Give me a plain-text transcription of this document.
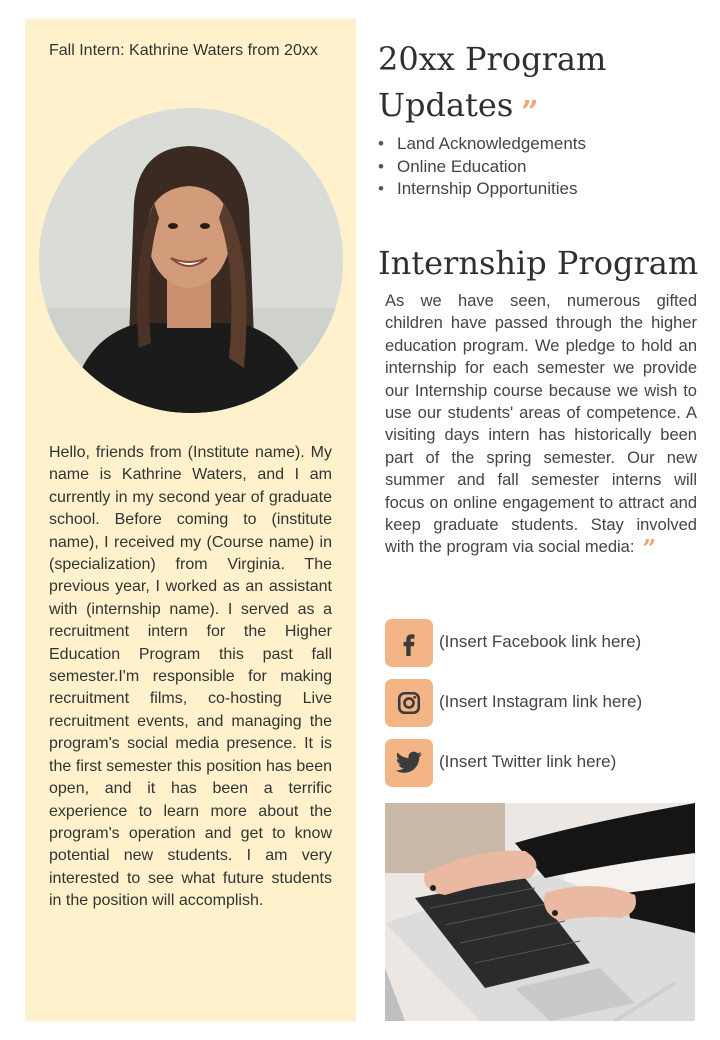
Fall Intern: Kathrine Waters from 20xx

Hello, friends from (Institute name). My name is Kathrine Waters, and I am currently in my second year of graduate school. Before coming to (institute name), I received my (Course name) in (specialization) from Virginia. The previous year, I worked as an assistant with (internship name). I served as a recruitment intern for the Higher Education Program this past fall semester.I'm responsible for making recruitment films, co-hosting Live recruitment events, and managing the program's social media presence. It is the first semester this position has been open, and it has been a terrific experience to learn more about the program's operation and get to know potential new students. I am very interested to see what future students in the position will accomplish.

20xx Program Updates ”
• Land Acknowledgements
• Online Education
• Internship Opportunities
Internship Program

As we have seen, numerous gifted children have passed through the higher education program. We pledge to hold an internship for each semester we provide our Internship course because we wish to use our students' areas of competence. A visiting days intern has historically been part of the spring semester. Our new summer and fall semester interns will focus on online engagement to attract and keep graduate students. Stay involved with the program via social media: ”

(Insert Facebook link here)
(Insert Instagram link here)
(Insert Twitter link here)
